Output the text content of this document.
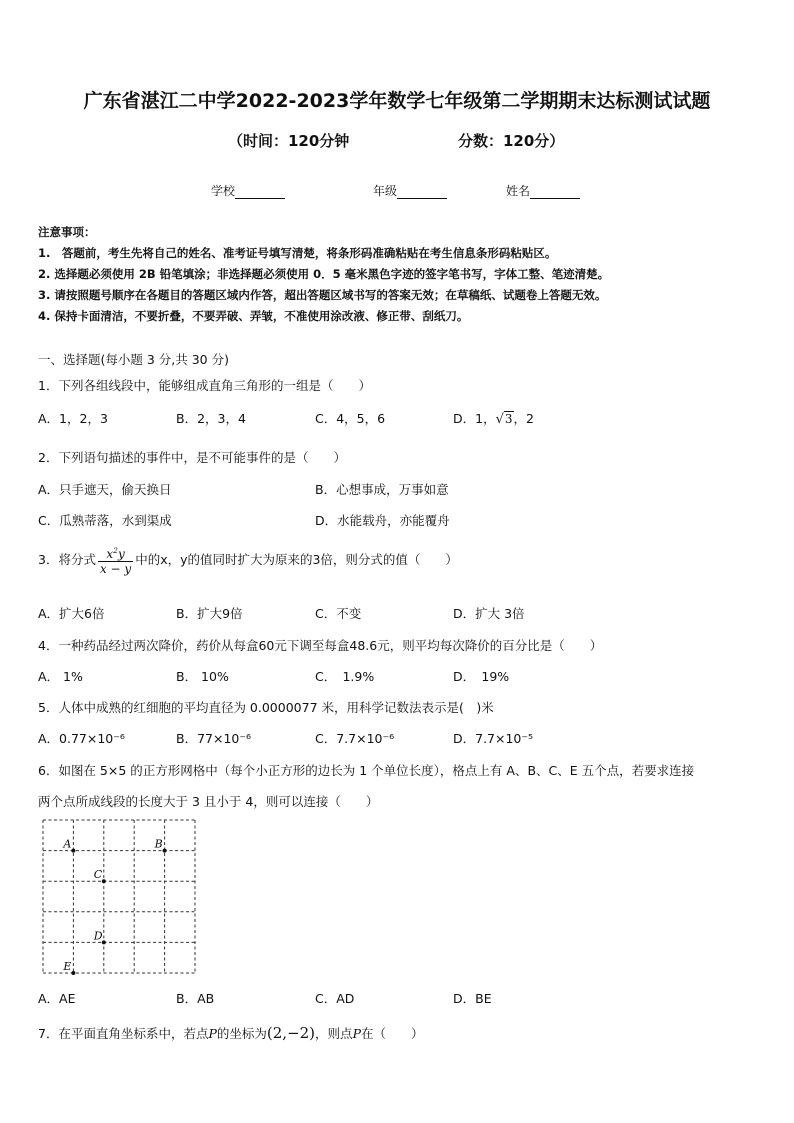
广东省湛江二中学2022-2023学年数学七年级第二学期期末达标测试试题
（时间：120分钟	分数：120分）
学校	年级	姓名
注意事项：
1.　答题前，考生先将自己的姓名、准考证号填写清楚，将条形码准确粘贴在考生信息条形码粘贴区。
2. 选择题必须使用 2B 铅笔填涂；非选择题必须使用 0．5 毫米黑色字迹的签字笔书写，字体工整、笔迹清楚。
3. 请按照题号顺序在各题目的答题区域内作答，超出答题区域书写的答案无效；在草稿纸、试题卷上答题无效。
4. 保持卡面清洁，不要折叠，不要弄破、弄皱，不准使用涂改液、修正带、刮纸刀。
一、选择题(每小题 3 分,共 30 分)
1．下列各组线段中，能够组成直角三角形的一组是（　　）
A．1，2，3	B．2，3，4	C．4，5，6	D．1，√3，2
2．下列语句描述的事件中，是不可能事件的是（　　）
A．只手遮天，偷天换日	B．心想事成，万事如意
C．瓜熟蒂落，水到渠成	D．水能载舟，亦能覆舟
3．将分式 $\frac{x^2y}{x - y}$ 中的x，y的值同时扩大为原来的3倍，则分式的值（　　）
A．扩大6倍	B．扩大9倍	C．不变	D．扩大 3倍
4．一种药品经过两次降价，药价从每盒60元下调至每盒48.6元，则平均每次降价的百分比是（　　）
A． 1%	B． 10%	C．　1.9%	D．　19%
5．人体中成熟的红细胞的平均直径为 0.0000077 米，用科学记数法表示是(　)米
A．0.77×10⁻⁶	B．77×10⁻⁶	C．7.7×10⁻⁶	D．7.7×10⁻⁵
6．如图在 5×5 的正方形网格中（每个小正方形的边长为 1 个单位长度），格点上有 A、B、C、E 五个点，若要求连接
两个点所成线段的长度大于 3 且小于 4，则可以连接（　　）
A	B
C
D
E
A．AE	B．AB	C．AD	D．BE
7．在平面直角坐标系中，若点P的坐标为(2,−2)，则点P在（　　）
